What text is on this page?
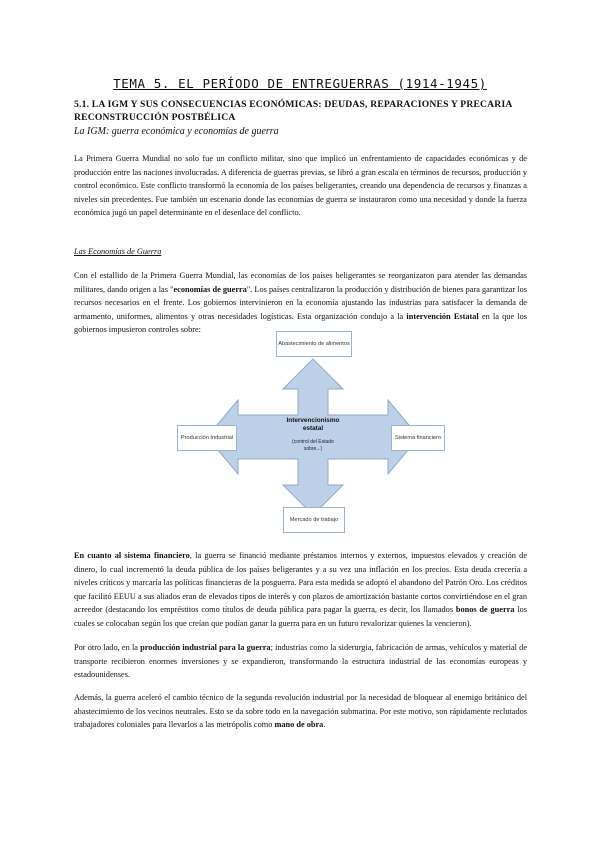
TEMA 5. EL PERÍODO DE ENTREGUERRAS (1914-1945)
5.1. LA IGM Y SUS CONSECUENCIAS ECONÓMICAS: DEUDAS, REPARACIONES Y PRECARIA RECONSTRUCCIÓN POSTBÉLICA
La IGM: guerra económica y economías de guerra
La Primera Guerra Mundial no solo fue un conflicto militar, sino que implicó un enfrentamiento de capacidades económicas y de producción entre las naciones involucradas. A diferencia de guerras previas, se libró a gran escala en términos de recursos, producción y control económico. Este conflicto transformó la economía de los países beligerantes, creando una dependencia de recursos y finanzas a niveles sin precedentes. Fue también un escenario donde las economías de guerra se instauraron como una necesidad y donde la fuerza económica jugó un papel determinante en el desenlace del conflicto.
Las Economías de Guerra
Con el estallido de la Primera Guerra Mundial, las economías de los países beligerantes se reorganizaron para atender las demandas militares, dando origen a las "economías de guerra". Los países centralizaron la producción y distribución de bienes para garantizar los recursos necesarios en el frente. Los gobiernos intervinieron en la economía ajustando las industrias para satisfacer la demanda de armamento, uniformes, alimentos y otras necesidades logísticas. Esta organización condujo a la intervención Estatal en la que los gobiernos impusieron controles sobre:
Abastecimiento de alimentos
Producción Industrial	Sistema financiero
Mercado de trabajo
Intervencionismo estatal
(control del Estado sobre...)
En cuanto al sistema financiero, la guerra se financió mediante préstamos internos y externos, impuestos elevados y creación de dinero, lo cual incrementó la deuda pública de los países beligerantes y a su vez una inflación en los precios. Esta deuda crecería a niveles críticos y marcaría las políticas financieras de la posguerra. Para esta medida se adoptó el abandono del Patrón Oro. Los créditos que facilitó EEUU a sus aliados eran de elevados tipos de interés y con plazos de amortización bastante cortos convirtiéndose en el gran acreedor (destacando los empréstitos como títulos de deuda pública para pagar la guerra, es decir, los llamados bonos de guerra los cuales se colocaban según los que creían que podían ganar la guerra para en un futuro revalorizar quienes la vencieron).
Por otro lado, en la producción industrial para la guerra; industrias como la siderurgia, fabricación de armas, vehículos y material de transporte recibieron enormes inversiones y se expandieron, transformando la estructura industrial de las economías europeas y estadounidenses.
Además, la guerra aceleró el cambio técnico de la segunda revolución industrial por la necesidad de bloquear al enemigo británico del abastecimiento de los vecinos neutrales. Esto se da sobre todo en la navegación submarina. Por este motivo, son rápidamente reclutados trabajadores coloniales para llevarlos a las metrópolis como mano de obra.
